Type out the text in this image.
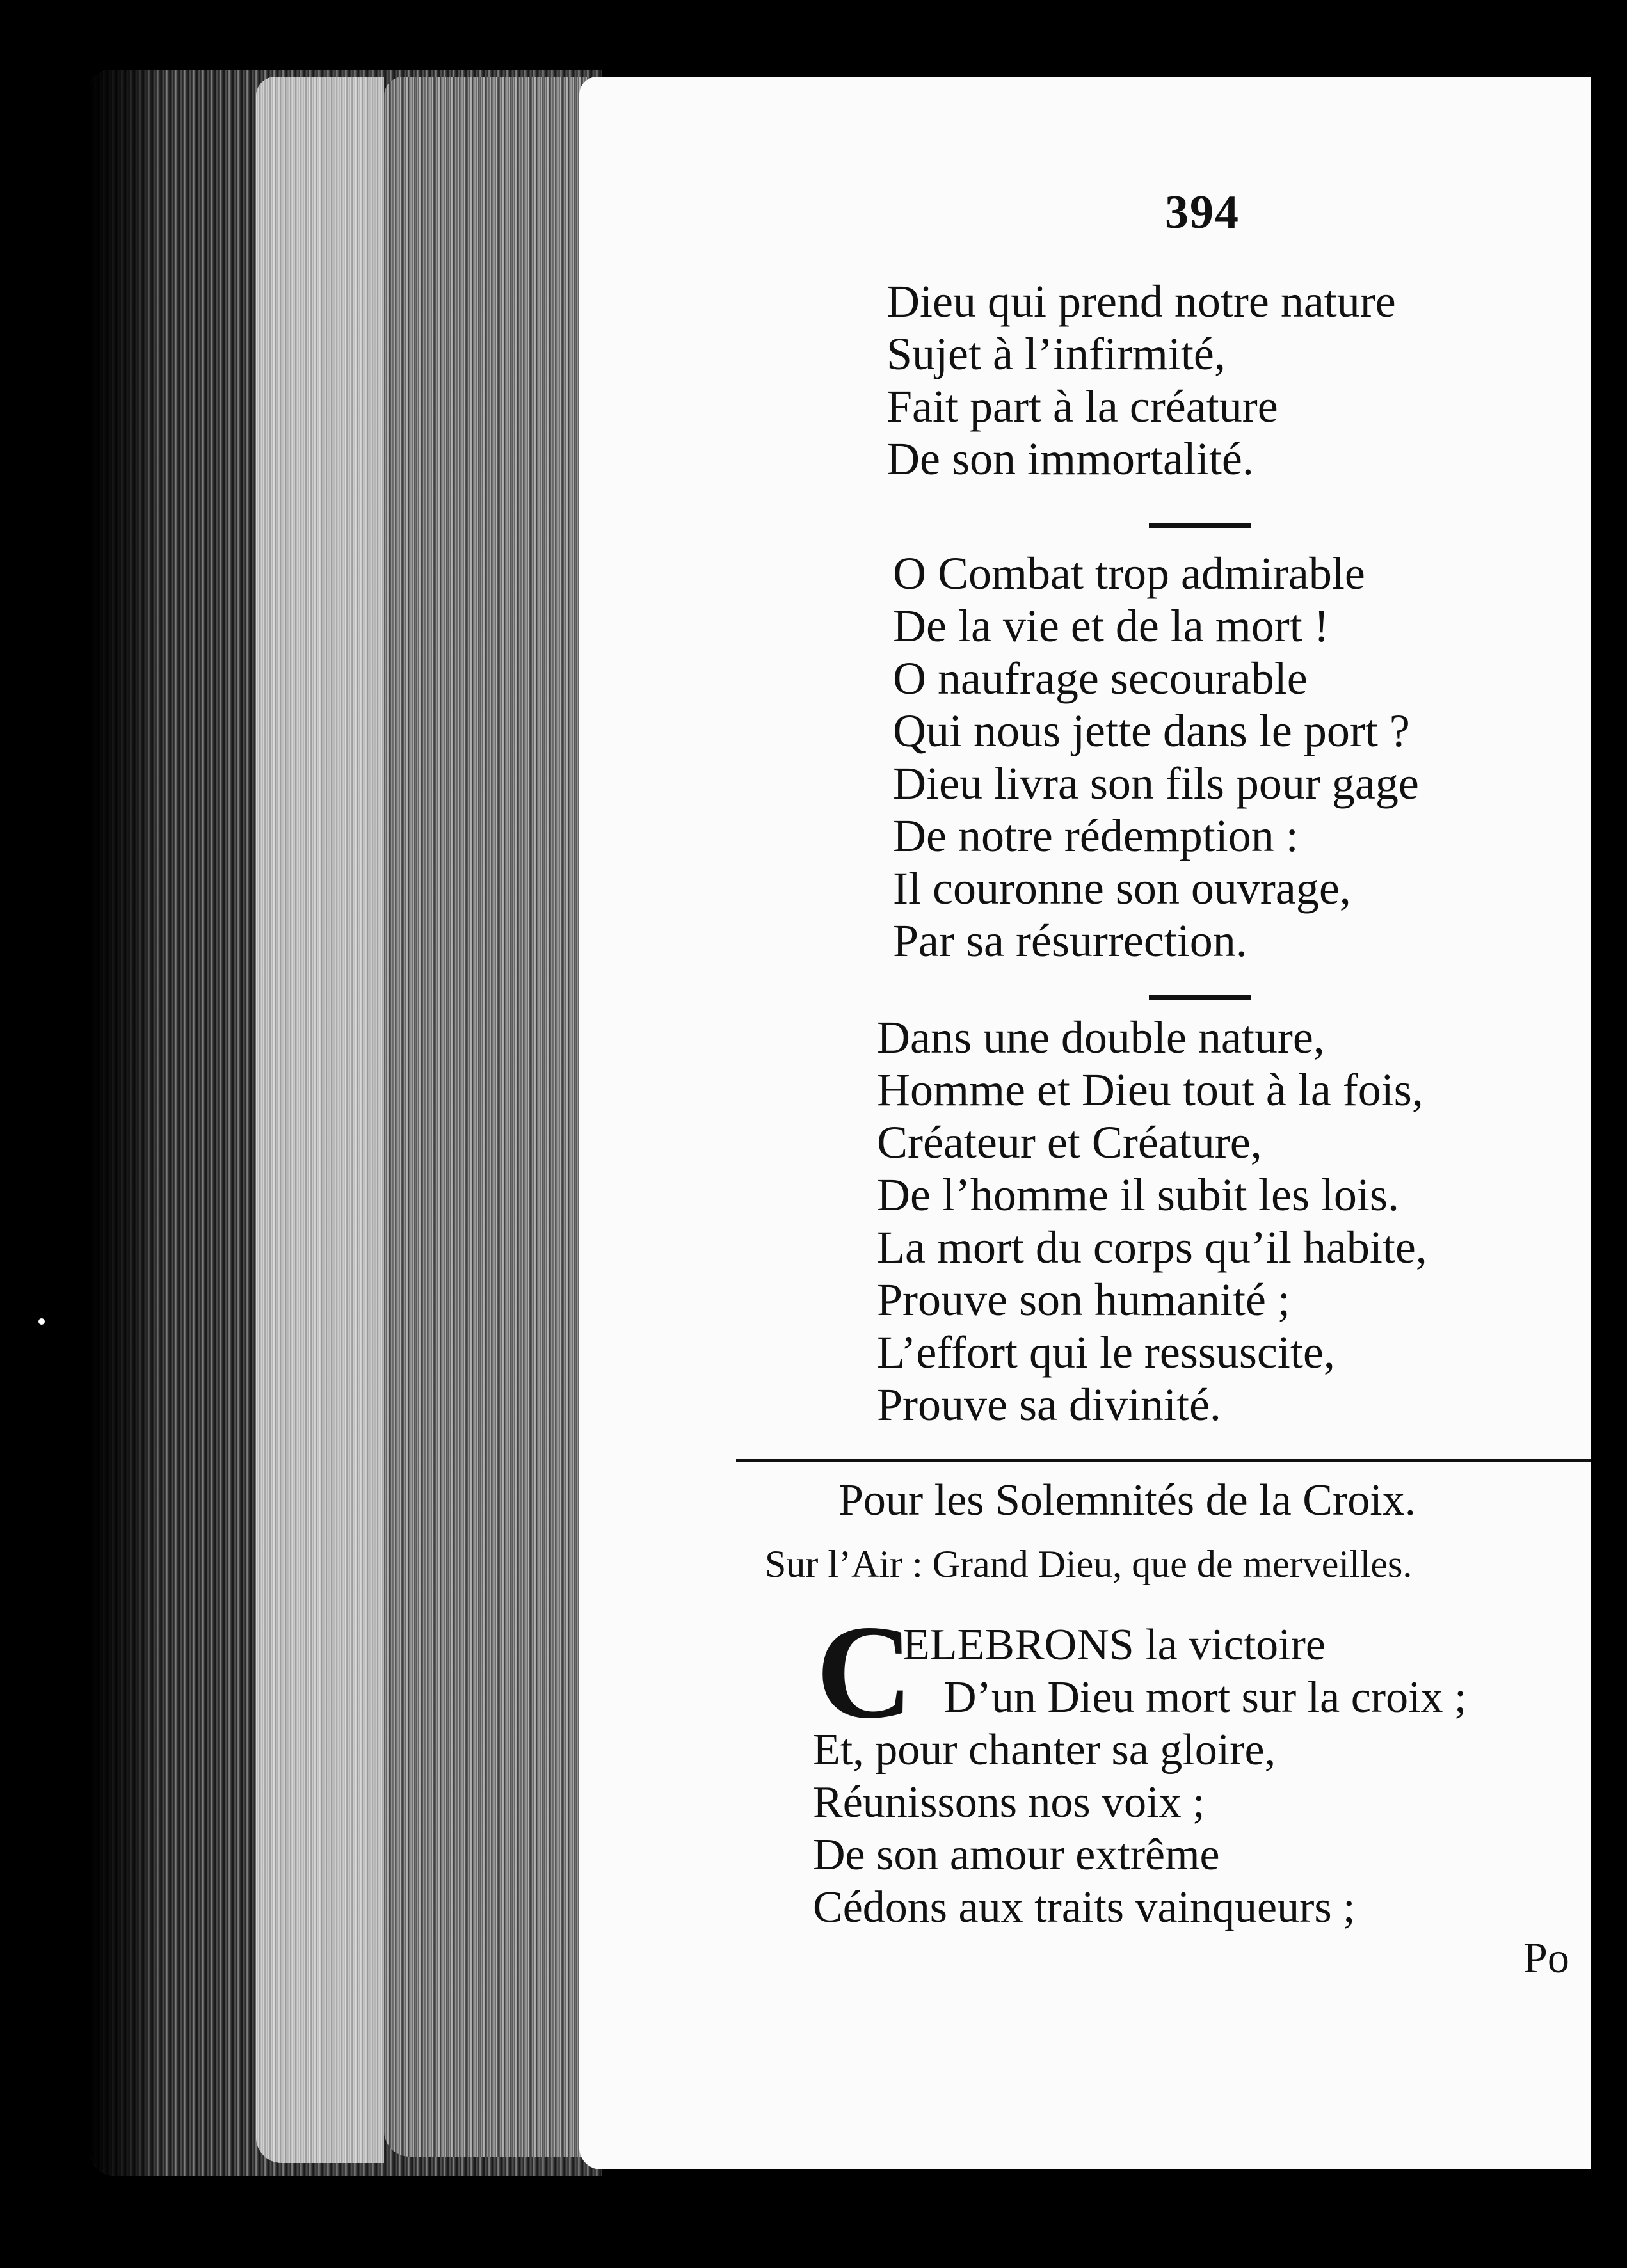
394
Dieu qui prend notre nature
Sujet à l’infirmité,
Fait part à la créature
De son immortalité.
O Combat trop admirable
De la vie et de la mort !
O naufrage secourable
Qui nous jette dans le port ?
Dieu livra son fils pour gage
De notre rédemption :
Il couronne son ouvrage,
Par sa résurrection.
Dans une double nature,
Homme et Dieu tout à la fois,
Créateur et Créature,
De l’homme il subit les lois.
La mort du corps qu’il habite,
Prouve son humanité ;
L’effort qui le ressuscite,
Prouve sa divinité.
Pour les Solemnités de la Croix.
Sur l’Air : Grand Dieu, que de merveilles.
C
ELEBRONS la victoire
D’un Dieu mort sur la croix ;
Et, pour chanter sa gloire,
Réunissons nos voix ;
De son amour extrême
Cédons aux traits vainqueurs ;
Po
